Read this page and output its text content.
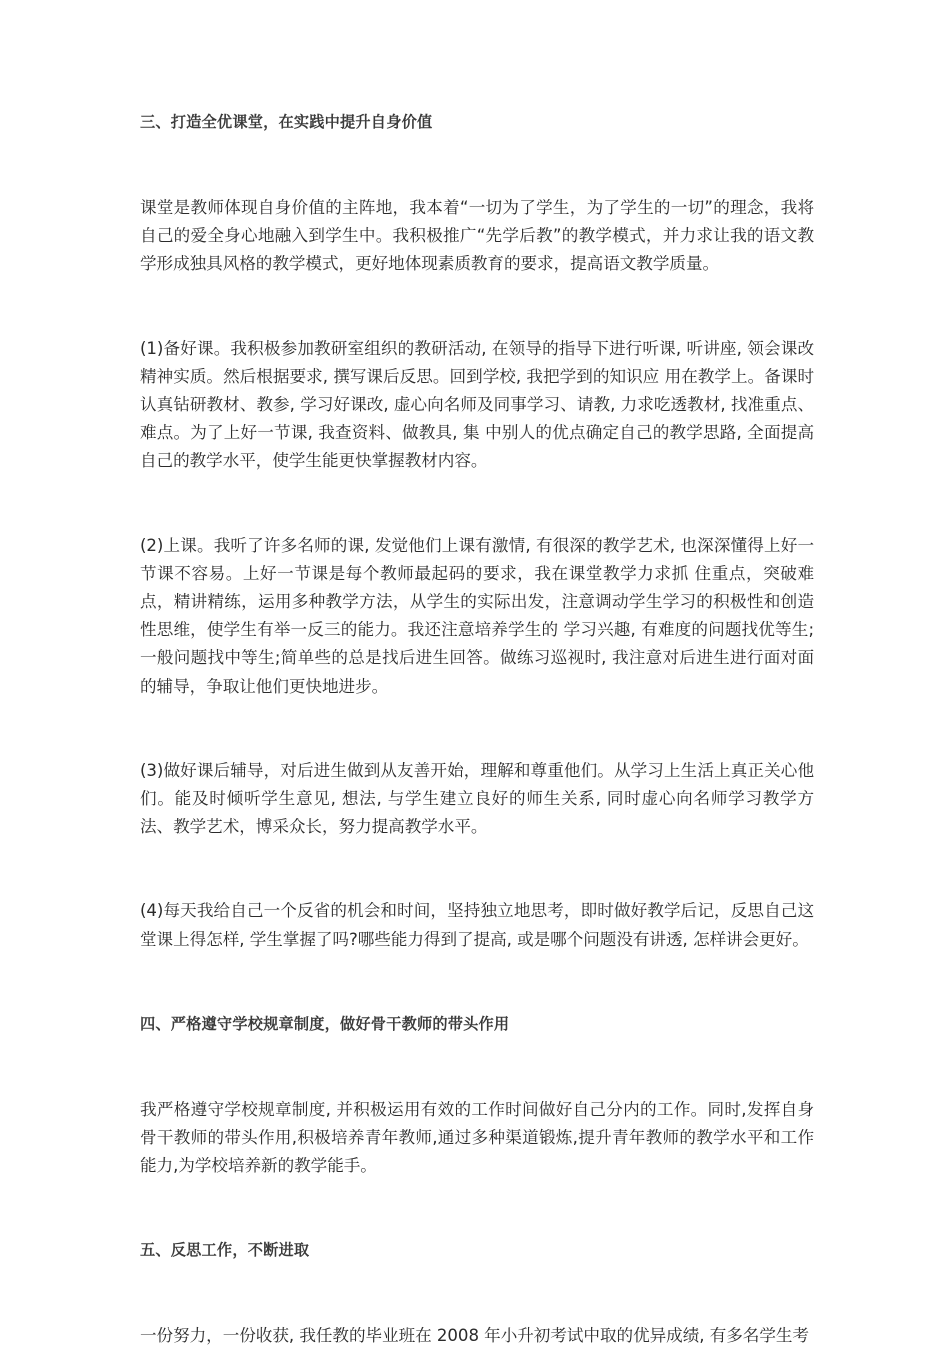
三、打造全优课堂，在实践中提升自身价值

课堂是教师体现自身价值的主阵地，我本着“一切为了学生，为了学生的一切”的理念，我将自己的爱全身心地融入到学生中。我积极推广“先学后教”的教学模式，并力求让我的语文教学形成独具风格的教学模式，更好地体现素质教育的要求，提高语文教学质量。

(1)备好课。我积极参加教研室组织的教研活动, 在领导的指导下进行听课, 听讲座, 领会课改精神实质。然后根据要求, 撰写课后反思。回到学校, 我把学到的知识应 用在教学上。备课时认真钻研教材、教参, 学习好课改, 虚心向名师及同事学习、请教, 力求吃透教材, 找准重点、难点。为了上好一节课, 我查资料、做教具, 集 中别人的优点确定自己的教学思路, 全面提高自己的教学水平，使学生能更快掌握教材内容。

(2)上课。我听了许多名师的课, 发觉他们上课有激情, 有很深的教学艺术, 也深深懂得上好一节课不容易。上好一节课是每个教师最起码的要求，我在课堂教学力求抓 住重点，突破难点，精讲精练，运用多种教学方法，从学生的实际出发，注意调动学生学习的积极性和创造性思维，使学生有举一反三的能力。我还注意培养学生的 学习兴趣, 有难度的问题找优等生;一般问题找中等生;简单些的总是找后进生回答。做练习巡视时, 我注意对后进生进行面对面的辅导，争取让他们更快地进步。

(3)做好课后辅导，对后进生做到从友善开始，理解和尊重他们。从学习上生活上真正关心他们。能及时倾听学生意见, 想法, 与学生建立良好的师生关系, 同时虚心向名师学习教学方法、教学艺术，博采众长，努力提高教学水平。

(4)每天我给自己一个反省的机会和时间，坚持独立地思考，即时做好教学后记，反思自己这堂课上得怎样, 学生掌握了吗?哪些能力得到了提高, 或是哪个问题没有讲透, 怎样讲会更好。

四、严格遵守学校规章制度，做好骨干教师的带头作用

我严格遵守学校规章制度, 并积极运用有效的工作时间做好自己分内的工作。同时,发挥自身骨干教师的带头作用,积极培养青年教师,通过多种渠道锻炼,提升青年教师的教学水平和工作能力,为学校培养新的教学能手。

五、反思工作，不断进取

一份努力，一份收获, 我任教的毕业班在 2008 年小升初考试中取的优异成绩, 有多名学生考
